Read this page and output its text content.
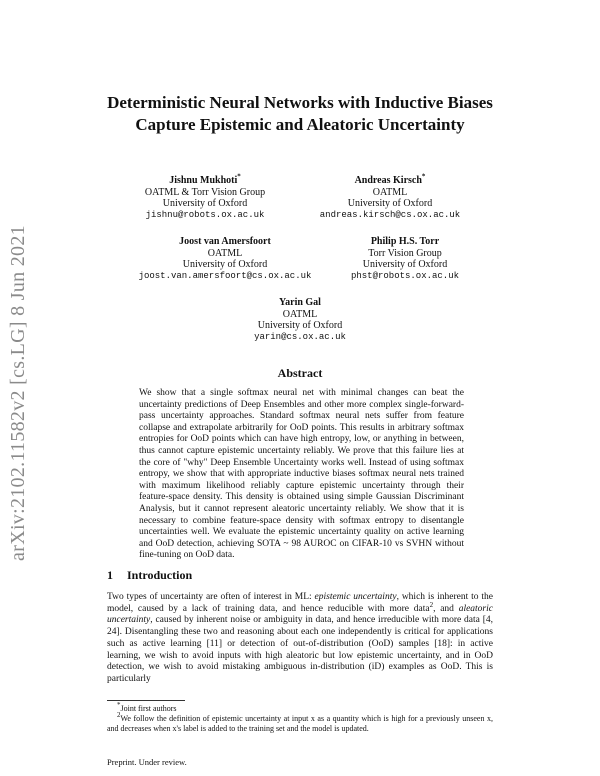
arXiv:2102.11582v2 [cs.LG] 8 Jun 2021
Deterministic Neural Networks with Inductive Biases
Capture Epistemic and Aleatoric Uncertainty
Jishnu Mukhoti*
OATML & Torr Vision Group
University of Oxford
jishnu@robots.ox.ac.uk
Andreas Kirsch*
OATML
University of Oxford
andreas.kirsch@cs.ox.ac.uk
Joost van Amersfoort
OATML
University of Oxford
joost.van.amersfoort@cs.ox.ac.uk
Philip H.S. Torr
Torr Vision Group
University of Oxford
phst@robots.ox.ac.uk
Yarin Gal
OATML
University of Oxford
yarin@cs.ox.ac.uk
Abstract
We show that a single softmax neural net with minimal changes can beat the uncertainty predictions of Deep Ensembles and other more complex single-forward-pass uncertainty approaches. Standard softmax neural nets suffer from feature collapse and extrapolate arbitrarily for OoD points. This results in arbitrary softmax entropies for OoD points which can have high entropy, low, or anything in between, thus cannot capture epistemic uncertainty reliably. We prove that this failure lies at the core of "why" Deep Ensemble Uncertainty works well. Instead of using softmax entropy, we show that with appropriate inductive biases softmax neural nets trained with maximum likelihood reliably capture epistemic uncertainty through their feature-space density. This density is obtained using simple Gaussian Discriminant Analysis, but it cannot represent aleatoric uncertainty reliably. We show that it is necessary to combine feature-space density with softmax entropy to disentangle uncertainties well. We evaluate the epistemic uncertainty quality on active learning and OoD detection, achieving SOTA ~ 98 AUROC on CIFAR-10 vs SVHN without fine-tuning on OoD data.
1 Introduction
Two types of uncertainty are often of interest in ML: epistemic uncertainty, which is inherent to the model, caused by a lack of training data, and hence reducible with more data$^2$, and aleatoric uncertainty, caused by inherent noise or ambiguity in data, and hence irreducible with more data [4, 24]. Disentangling these two and reasoning about each one independently is critical for applications such as active learning [11] or detection of out-of-distribution (OoD) samples [18]: in active learning, we wish to avoid inputs with high aleatoric but low epistemic uncertainty, and in OoD detection, we wish to avoid mistaking ambiguous in-distribution (iD) examples as OoD. This is particularly
*Joint first authors
2We follow the definition of epistemic uncertainty at input x as a quantity which is high for a previously unseen x, and decreases when x's label is added to the training set and the model is updated.
Preprint. Under review.
